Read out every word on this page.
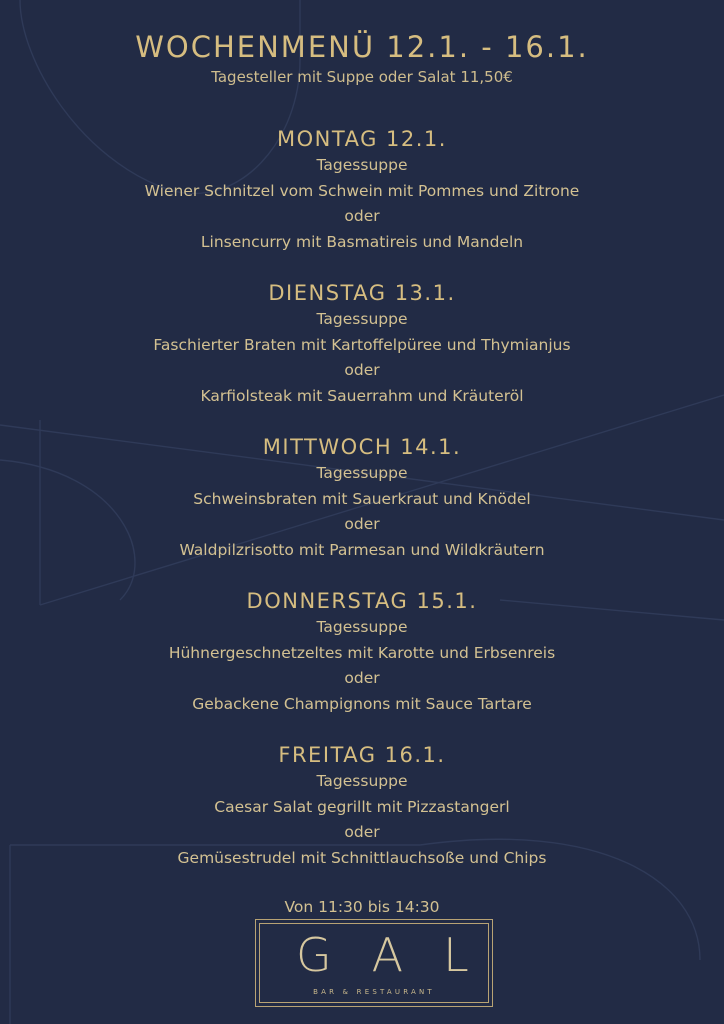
WOCHENMENÜ 12.1. - 16.1.
Tagesteller mit Suppe oder Salat 11,50€
MONTAG 12.1.
Tagessuppe
Wiener Schnitzel vom Schwein mit Pommes und Zitrone
oder
Linsencurry mit Basmatireis und Mandeln
DIENSTAG 13.1.
Tagessuppe
Faschierter Braten mit Kartoffelpüree und Thymianjus
oder
Karfiolsteak mit Sauerrahm und Kräuteröl
MITTWOCH 14.1.
Tagessuppe
Schweinsbraten mit Sauerkraut und Knödel
oder
Waldpilzrisotto mit Parmesan und Wildkräutern
DONNERSTAG 15.1.
Tagessuppe
Hühnergeschnetzeltes mit Karotte und Erbsenreis
oder
Gebackene Champignons mit Sauce Tartare
FREITAG 16.1.
Tagessuppe
Caesar Salat gegrillt mit Pizzastangerl
oder
Gemüsestrudel mit Schnittlauchsoße und Chips
Von 11:30 bis 14:30
GAL
BAR & RESTAURANT
